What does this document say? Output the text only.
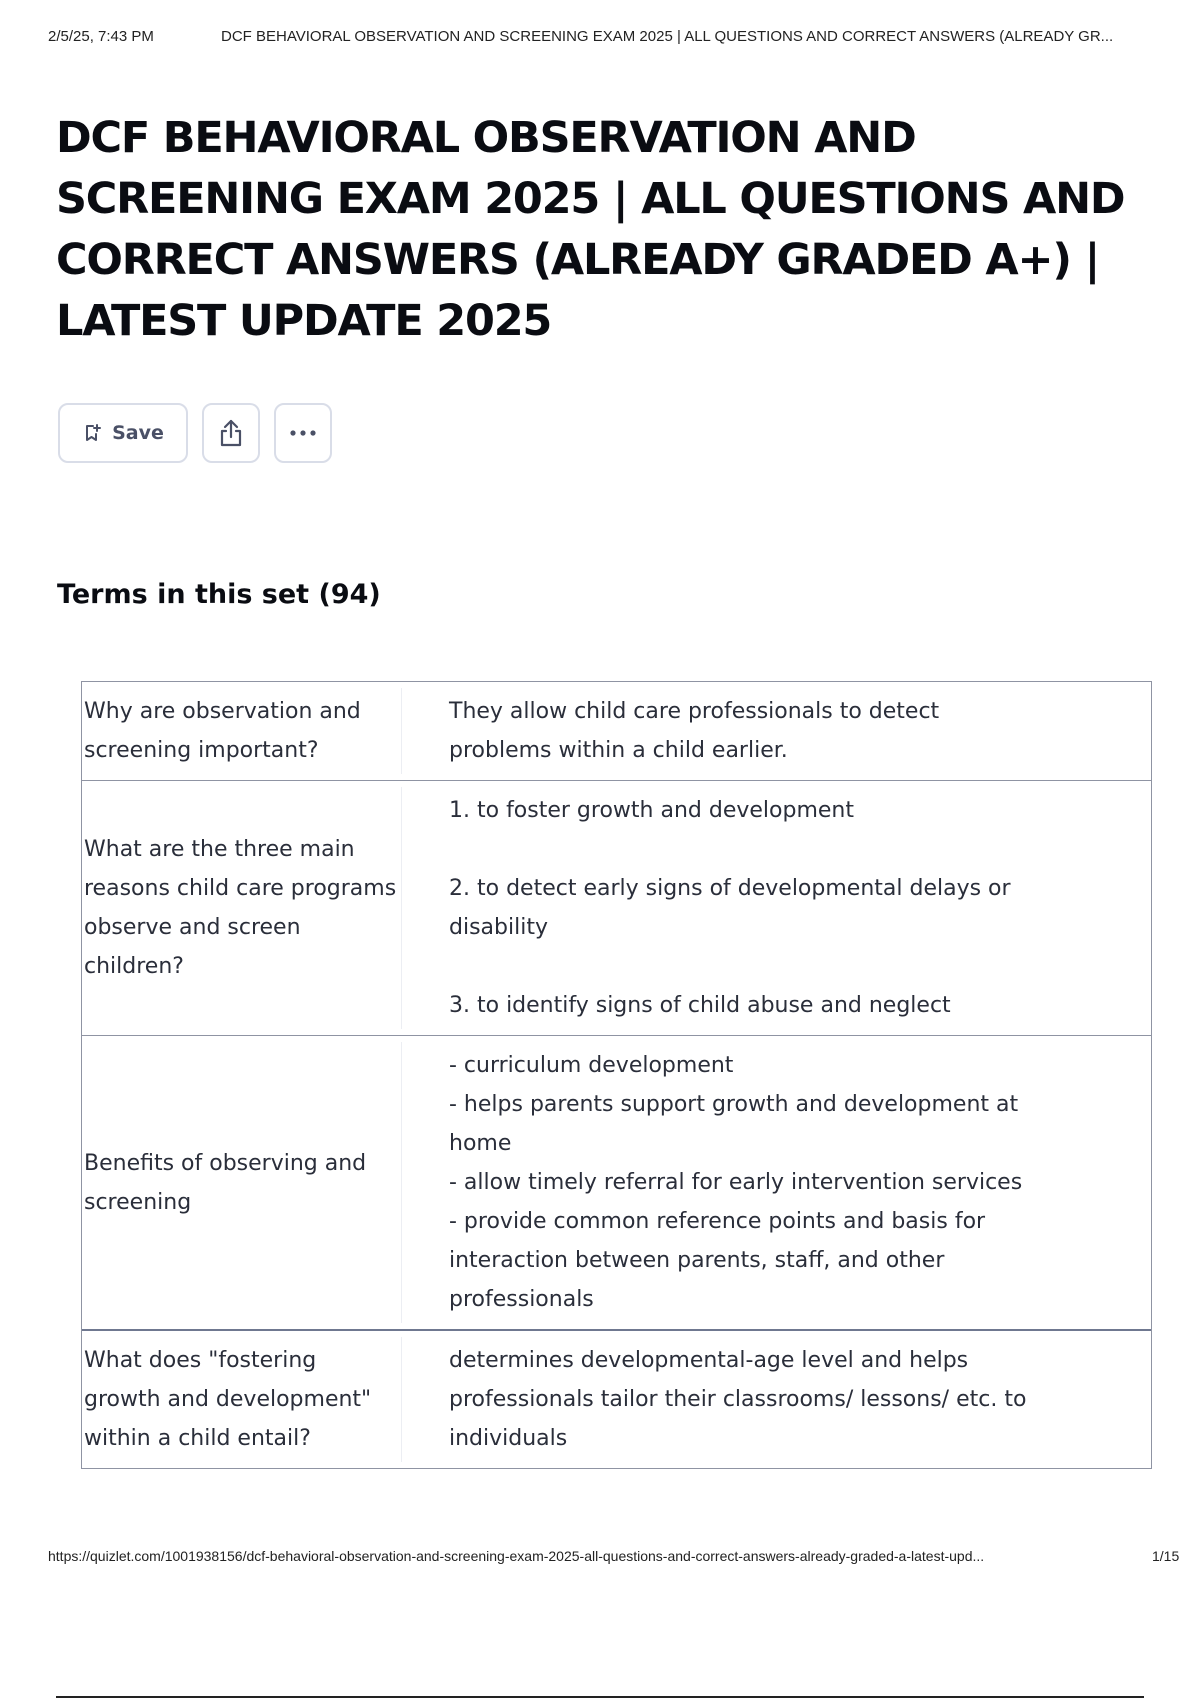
2/5/25, 7:43 PM	DCF BEHAVIORAL OBSERVATION AND SCREENING EXAM 2025 | ALL QUESTIONS AND CORRECT ANSWERS (ALREADY GR...
DCF BEHAVIORAL OBSERVATION AND
SCREENING EXAM 2025 | ALL QUESTIONS AND
CORRECT ANSWERS (ALREADY GRADED A+) |
LATEST UPDATE 2025
Save
Terms in this set (94)
Why are observation and screening important?

They allow child care professionals to detect problems within a child earlier.

What are the three main reasons child care programs observe and screen children?

1. to foster growth and development

2. to detect early signs of developmental delays or disability

3. to identify signs of child abuse and neglect

Benefits of observing and screening

- curriculum development

- helps parents support growth and development at home

- allow timely referral for early intervention services

- provide common reference points and basis for interaction between parents, staff, and other professionals

What does "fostering growth and development" within a child entail?

determines developmental-age level and helps professionals tailor their classrooms/ lessons/ etc. to individuals

https://quizlet.com/1001938156/dcf-behavioral-observation-and-screening-exam-2025-all-questions-and-correct-answers-already-graded-a-latest-upd...	1/15
